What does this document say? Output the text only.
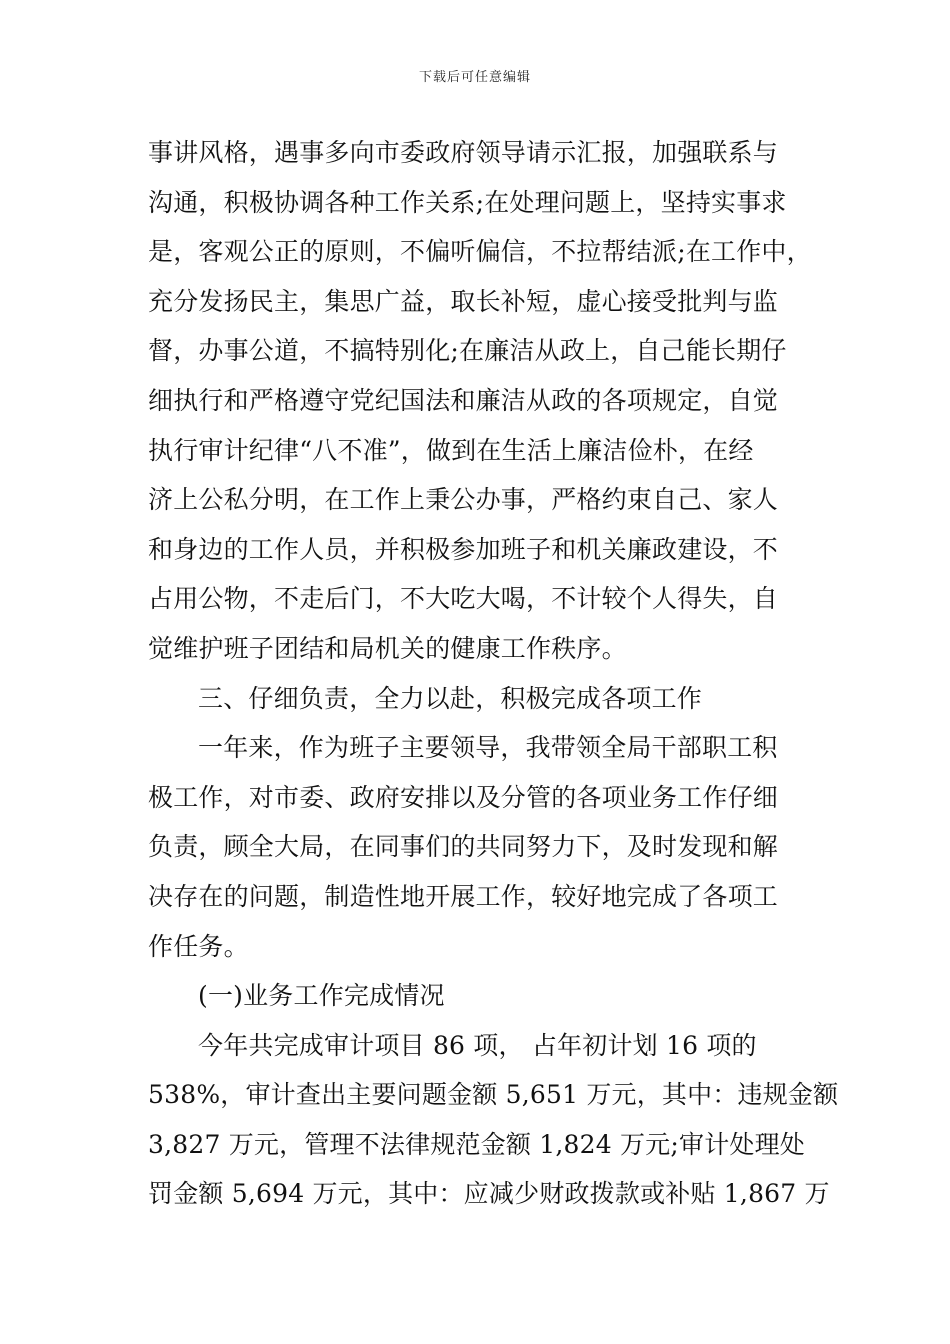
下载后可任意编辑
事讲风格，遇事多向市委政府领导请示汇报，加强联系与
沟通，积极协调各种工作关系;在处理问题上，坚持实事求
是，客观公正的原则，不偏听偏信，不拉帮结派;在工作中，
充分发扬民主，集思广益，取长补短，虚心接受批判与监
督，办事公道，不搞特别化;在廉洁从政上，自己能长期仔
细执行和严格遵守党纪国法和廉洁从政的各项规定，自觉
执行审计纪律“八不准”，做到在生活上廉洁俭朴，在经
济上公私分明，在工作上秉公办事，严格约束自己、家人
和身边的工作人员，并积极参加班子和机关廉政建设，不
占用公物，不走后门，不大吃大喝，不计较个人得失，自
觉维护班子团结和局机关的健康工作秩序。
三、仔细负责，全力以赴，积极完成各项工作
一年来，作为班子主要领导，我带领全局干部职工积
极工作，对市委、政府安排以及分管的各项业务工作仔细
负责，顾全大局，在同事们的共同努力下，及时发现和解
决存在的问题，制造性地开展工作，较好地完成了各项工
作任务。
(一)业务工作完成情况
今年共完成审计项目 86 项， 占年初计划 16 项的
538%，审计查出主要问题金额 5,651 万元，其中：违规金额
3,827 万元，管理不法律规范金额 1,824 万元;审计处理处
罚金额 5,694 万元，其中：应减少财政拨款或补贴 1,867 万
